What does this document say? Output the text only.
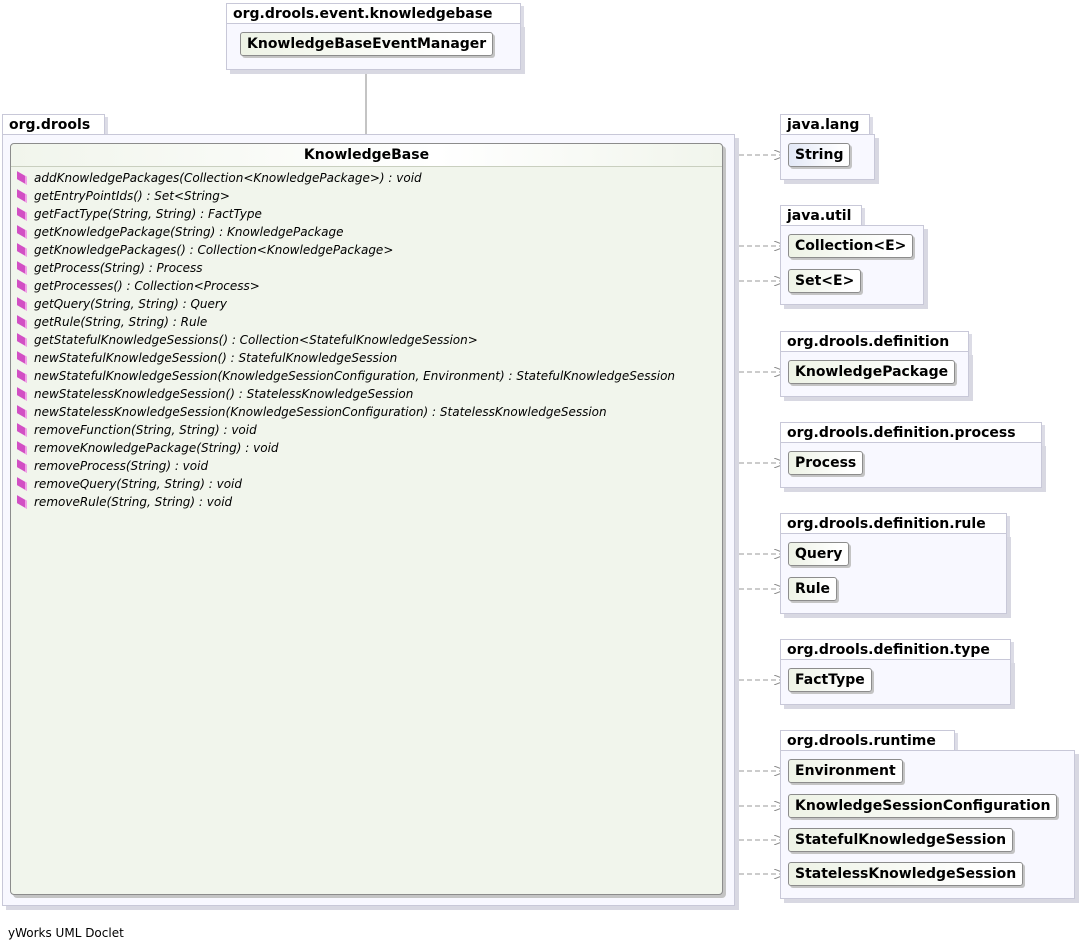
org.drools.event.knowledgebase
KnowledgeBaseEventManager
org.drools
KnowledgeBase
addKnowledgePackages(Collection<KnowledgePackage>) : void
getEntryPointIds() : Set<String>
getFactType(String, String) : FactType
getKnowledgePackage(String) : KnowledgePackage
getKnowledgePackages() : Collection<KnowledgePackage>
getProcess(String) : Process
getProcesses() : Collection<Process>
getQuery(String, String) : Query
getRule(String, String) : Rule
getStatefulKnowledgeSessions() : Collection<StatefulKnowledgeSession>
newStatefulKnowledgeSession() : StatefulKnowledgeSession
newStatefulKnowledgeSession(KnowledgeSessionConfiguration, Environment) : StatefulKnowledgeSession
newStatelessKnowledgeSession() : StatelessKnowledgeSession
newStatelessKnowledgeSession(KnowledgeSessionConfiguration) : StatelessKnowledgeSession
removeFunction(String, String) : void
removeKnowledgePackage(String) : void
removeProcess(String) : void
removeQuery(String, String) : void
removeRule(String, String) : void
java.lang
String
java.util
Collection<E>
Set<E>
org.drools.definition
KnowledgePackage
org.drools.definition.process
Process
org.drools.definition.rule
Query
Rule
org.drools.definition.type
FactType
org.drools.runtime
Environment
KnowledgeSessionConfiguration
StatefulKnowledgeSession
StatelessKnowledgeSession
yWorks UML Doclet
